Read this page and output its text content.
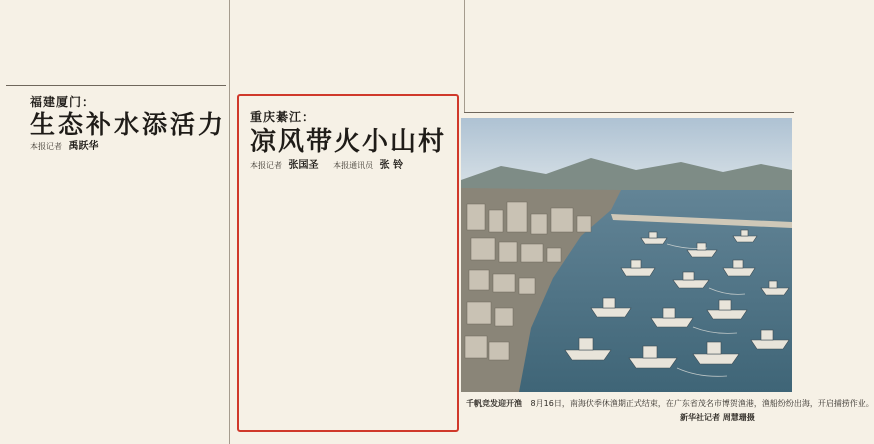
福建厦门：
生态补水添活力
本报记者 禹跃华
重庆綦江：
凉风带火小山村
本报记者 张国圣 本报通讯员 张 铃
千帆竞发迎开渔 8月16日，南海伏季休渔期正式结束，在广东省茂名市博贺渔港，渔船纷纷出海，开启捕捞作业。
新华社记者 周慧珊摄
